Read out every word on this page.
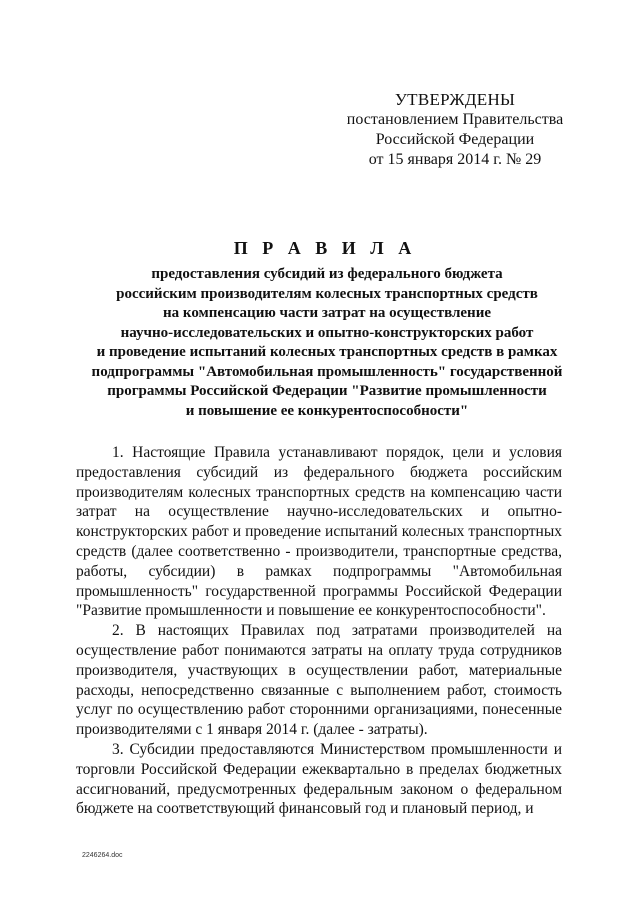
УТВЕРЖДЕНЫ
постановлением Правительства
Российской Федерации
от 15 января 2014 г. № 29
П Р А В И Л А
предоставления субсидий из федерального бюджета
российским производителям колесных транспортных средств
на компенсацию части затрат на осуществление
научно-исследовательских и опытно-конструкторских работ
и проведение испытаний колесных транспортных средств в рамках
подпрограммы "Автомобильная промышленность" государственной
программы Российской Федерации "Развитие промышленности
и повышение ее конкурентоспособности"

1. Настоящие Правила устанавливают порядок, цели и условия предоставления субсидий из федерального бюджета российским производителям колесных транспортных средств на компенсацию части затрат на осуществление научно-исследовательских и опытно-конструкторских работ и проведение испытаний колесных транспортных средств (далее соответственно - производители, транспортные средства, работы, субсидии) в рамках подпрограммы "Автомобильная промышленность" государственной программы Российской Федерации "Развитие промышленности и повышение ее конкурентоспособности".

2. В настоящих Правилах под затратами производителей на осуществление работ понимаются затраты на оплату труда сотрудников производителя, участвующих в осуществлении работ, материальные расходы, непосредственно связанные с выполнением работ, стоимость услуг по осуществлению работ сторонними организациями, понесенные производителями с 1 января 2014 г. (далее - затраты).

3. Субсидии предоставляются Министерством промышленности и торговли Российской Федерации ежеквартально в пределах бюджетных ассигнований, предусмотренных федеральным законом о федеральном бюджете на соответствующий финансовый год и плановый период, и

2246264.doc
